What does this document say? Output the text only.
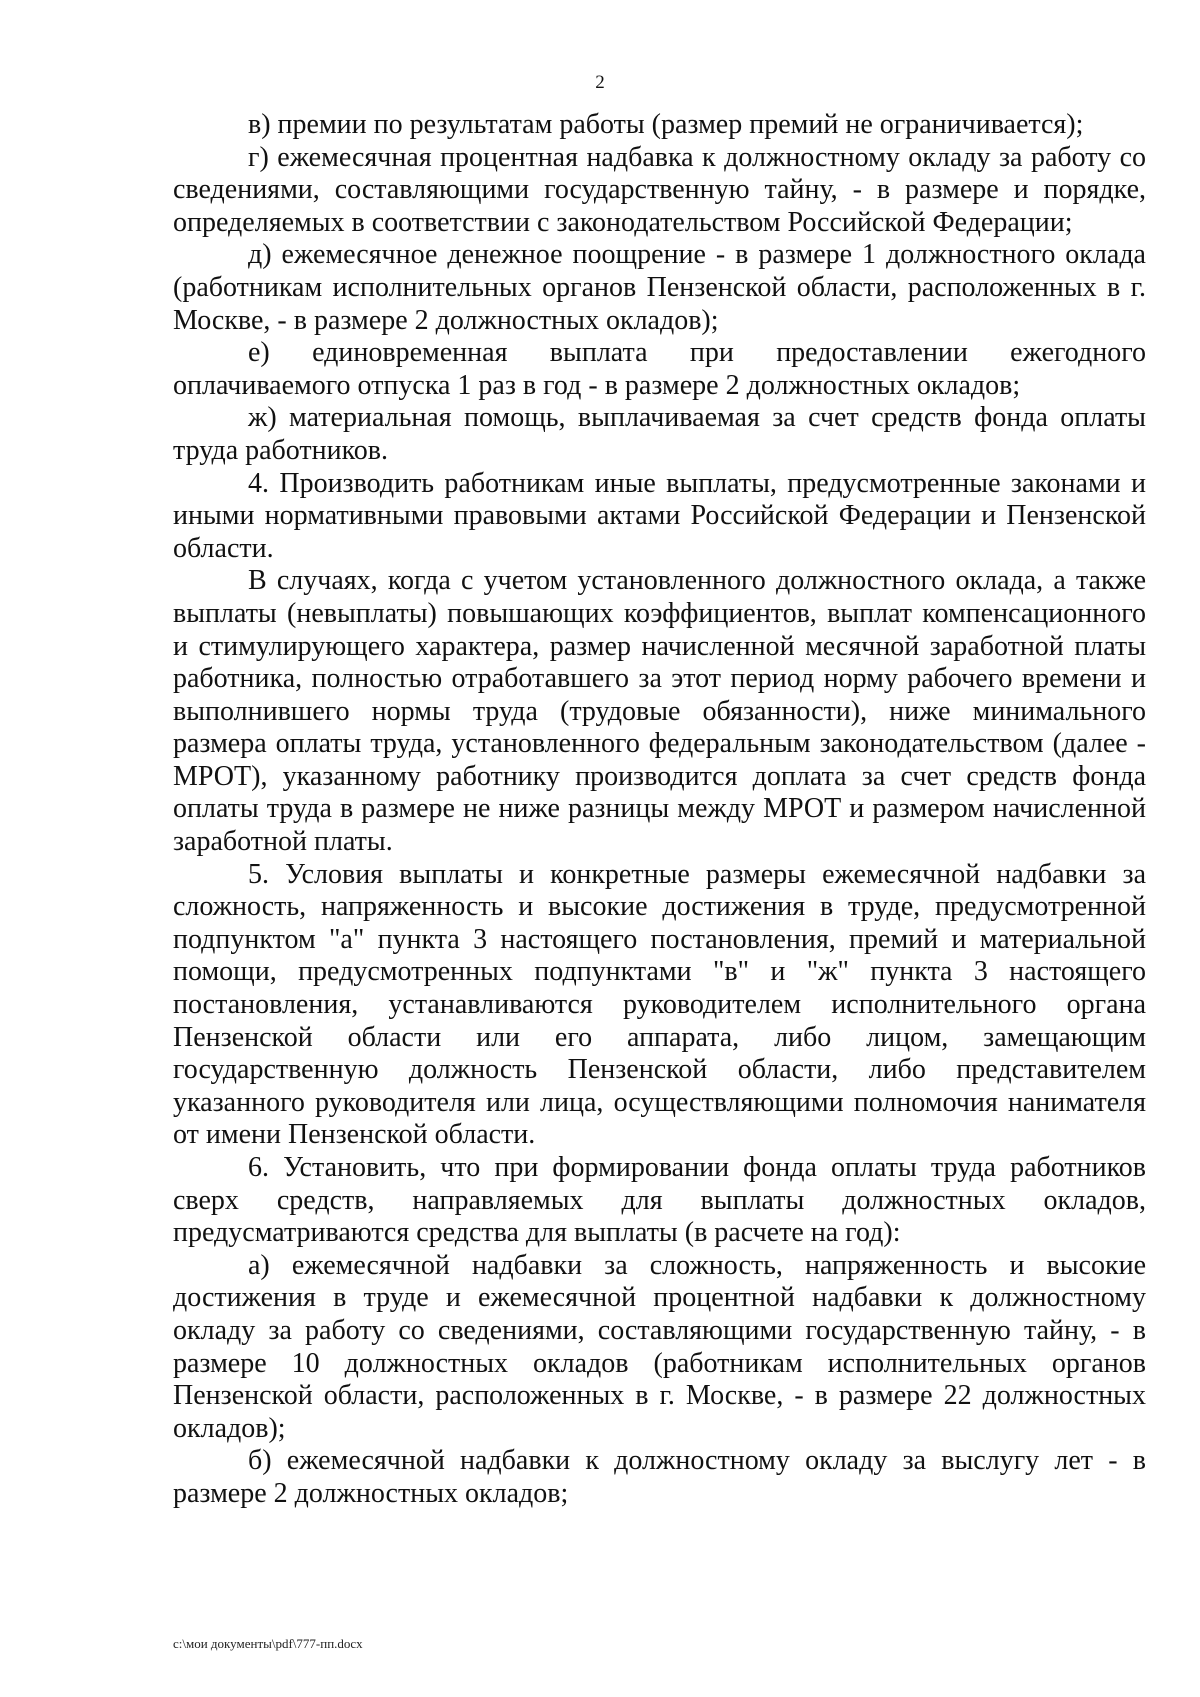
2

в) премии по результатам работы (размер премий не ограничивается);

г) ежемесячная процентная надбавка к должностному окладу за работу со сведениями, составляющими государственную тайну, - в размере и порядке, определяемых в соответствии с законодательством Российской Федерации;

д) ежемесячное денежное поощрение - в размере 1 должностного оклада (работникам исполнительных органов Пензенской области, расположенных в г. Москве, - в размере 2 должностных окладов);

е) единовременная выплата при предоставлении ежегодного оплачиваемого отпуска 1 раз в год - в размере 2 должностных окладов;

ж) материальная помощь, выплачиваемая за счет средств фонда оплаты труда работников.

4. Производить работникам иные выплаты, предусмотренные законами и иными нормативными правовыми актами Российской Федерации и Пензенской области.

В случаях, когда с учетом установленного должностного оклада, а также выплаты (невыплаты) повышающих коэффициентов, выплат компенсационного и стимулирующего характера, размер начисленной месячной заработной платы работника, полностью отработавшего за этот период норму рабочего времени и выполнившего нормы труда (трудовые обязанности), ниже минимального размера оплаты труда, установленного федеральным законодательством (далее - МРОТ), указанному работнику производится доплата за счет средств фонда оплаты труда в размере не ниже разницы между МРОТ и размером начисленной заработной платы.

5. Условия выплаты и конкретные размеры ежемесячной надбавки за сложность, напряженность и высокие достижения в труде, предусмотренной подпунктом "а" пункта 3 настоящего постановления, премий и материальной помощи, предусмотренных подпунктами "в" и "ж" пункта 3 настоящего постановления, устанавливаются руководителем исполнительного органа Пензенской области или его аппарата, либо лицом, замещающим государственную должность Пензенской области, либо представителем указанного руководителя или лица, осуществляющими полномочия нанимателя от имени Пензенской области.

6. Установить, что при формировании фонда оплаты труда работников сверх средств, направляемых для выплаты должностных окладов, предусматриваются средства для выплаты (в расчете на год):

а) ежемесячной надбавки за сложность, напряженность и высокие достижения в труде и ежемесячной процентной надбавки к должностному окладу за работу со сведениями, составляющими государственную тайну, - в размере 10 должностных окладов (работникам исполнительных органов Пензенской области, расположенных в г. Москве, - в размере 22 должностных окладов);

б) ежемесячной надбавки к должностному окладу за выслугу лет - в размере 2 должностных окладов;

c:\мои документы\pdf\777-пп.docx
